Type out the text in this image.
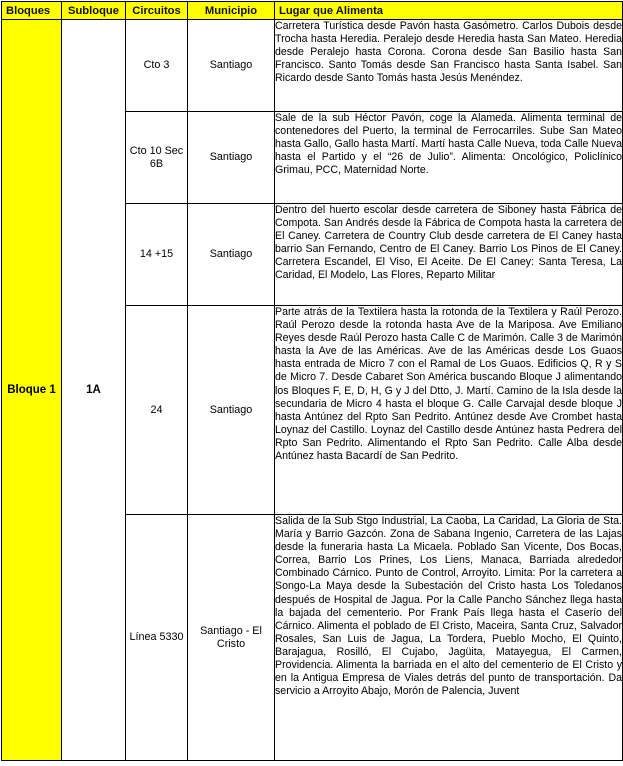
Bloques	Subloque	Circuitos	Municipio	Lugar que Alimenta
Bloque 1	1A	Cto 3	Santiago	Carretera Turística desde Pavón hasta Gasómetro. Carlos Dubois desde Trocha hasta Heredia. Peralejo desde Heredia hasta San Mateo. Heredia desde Peralejo hasta Corona. Corona desde San Basilio hasta San Francisco. Santo Tomás desde San Francisco hasta Santa Isabel. San Ricardo desde Santo Tomás hasta Jesús Menéndez.
		Cto 10 Sec 6B	Santiago	Sale de la sub Héctor Pavón, coge la Alameda. Alimenta terminal de contenedores del Puerto, la terminal de Ferrocarriles. Sube San Mateo hasta Gallo, Gallo hasta Martí. Martí hasta Calle Nueva, toda Calle Nueva hasta el Partido y el “26 de Julio”. Alimenta: Oncológico, Policlínico Grimau, PCC, Maternidad Norte.
		14 +15	Santiago	Dentro del huerto escolar desde carretera de Siboney hasta Fábrica de Compota. San Andrés desde la Fábrica de Compota hasta la carretera de El Caney. Carretera de Country Club desde carretera de El Caney hasta barrio San Fernando, Centro de El Caney. Barrio Los Pinos de El Caney. Carretera Escandel, El Viso, El Aceite. De El Caney: Santa Teresa, La Caridad, El Modelo, Las Flores, Reparto Militar
		24	Santiago	Parte atrás de la Textilera hasta la rotonda de la Textilera y Raúl Perozo. Raúl Perozo desde la rotonda hasta Ave de la Mariposa. Ave Emiliano Reyes desde Raúl Perozo hasta Calle C de Marimón. Calle 3 de Marimón hasta la Ave de las Américas. Ave de las Américas desde Los Guaos hasta entrada de Micro 7 con el Ramal de Los Guaos. Edificios Q, R y S de Micro 7. Desde Cabaret Son América buscando Bloque J alimentando los Bloques F, E, D, H, G y J del Dtto, J. Martí. Camino de la Isla desde la secundaria de Micro 4 hasta el bloque G. Calle Carvajal desde bloque J hasta Antúnez del Rpto San Pedrito. Antúnez desde Ave Crombet hasta Loynaz del Castillo. Loynaz del Castillo desde Antúnez hasta Pedrera del Rpto San Pedrito. Alimentando el Rpto San Pedrito. Calle Alba desde Antúnez hasta Bacardí de San Pedrito.
		Línea 5330	Santiago - El Cristo	Salida de la Sub Stgo Industrial, La Caoba, La Caridad, La Gloria de Sta. María y Barrio Gazcón. Zona de Sabana Ingenio, Carretera de las Lajas desde la funeraria hasta La Micaela. Poblado San Vicente, Dos Bocas, Correa, Barrio Los Prines, Los Liens, Manaca, Barriada alrededor Combinado Cárnico. Punto de Control, Arroyito. Limita: Por la carretera a Songo-La Maya desde la Subestación del Cristo hasta Los Toledanos después de Hospital de Jagua. Por la Calle Pancho Sánchez llega hasta la bajada del cementerio. Por Frank País llega hasta el Caserío del Cárnico. Alimenta el poblado de El Cristo, Maceira, Santa Cruz, Salvador Rosales, San Luis de Jagua, La Tordera, Pueblo Mocho, El Quinto, Barajagua, Rosilló, El Cujabo, Jagüita, Matayegua, El Carmen, Providencia. Alimenta la barriada en el alto del cementerio de El Cristo y en la Antigua Empresa de Viales detrás del punto de transportación. Da servicio a Arroyito Abajo, Morón de Palencia, Juvent
